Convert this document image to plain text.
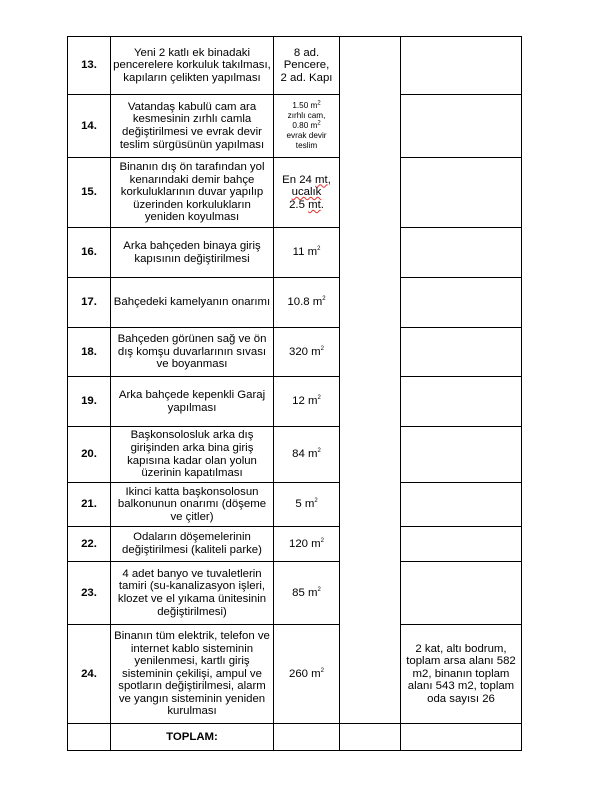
13.	Yeni 2 katlı ek binadaki pencerelere korkuluk takılması, kapıların çelikten yapılması	8 ad.
Pencere,
2 ad. Kapı		
14.	Vatandaş kabulü cam ara kesmesinin zırhlı camla değiştirilmesi ve evrak devir teslim sürgüsünün yapılması	1.50 $m^2$
zırhlı cam,
0.80 $m^2$
evrak devir
teslim		
15.	Binanın dış ön tarafından yol kenarındaki demir bahçe korkuluklarının duvar yapılıp üzerinden korkulukların yeniden koyulması	En 24 mt,
ucalık
2.5 mt.		
16.	Arka bahçeden binaya giriş kapısının değiştirilmesi	11 $m^2$	
17.	Bahçedeki kamelyanın onarımı	10.8 $m^2$	
18.	Bahçeden görünen sağ ve ön dış komşu duvarlarının sıvası ve boyanması	320 $m^2$	
19.	Arka bahçede kepenkli Garaj yapılması	12 $m^2$	
20.	Başkonsolosluk arka dış girişinden arka bina giriş kapısına kadar olan yolun üzerinin kapatılması	84 $m^2$	
21.	Ikinci katta başkonsolosun balkonunun onarımı (döşeme ve çitler)	5 $m^2$	
22.	Odaların döşemelerinin değiştirilmesi (kaliteli parke)	120 $m^2$	
23.	4 adet banyo ve tuvaletlerin tamiri (su-kanalizasyon işleri, klozet ve el yıkama ünitesinin değiştirilmesi)	85 $m^2$	
24.	Binanın tüm elektrik, telefon ve internet kablo sisteminin yenilenmesi, kartlı giriş sisteminin çekilişi, ampul ve spotların değiştirilmesi, alarm ve yangın sisteminin yeniden kurulması	260 $m^2$		2 kat, altı bodrum, toplam arsa alanı 582 m2, binanın toplam alanı 543 m2, toplam oda sayısı 26
	TOPLAM:			
